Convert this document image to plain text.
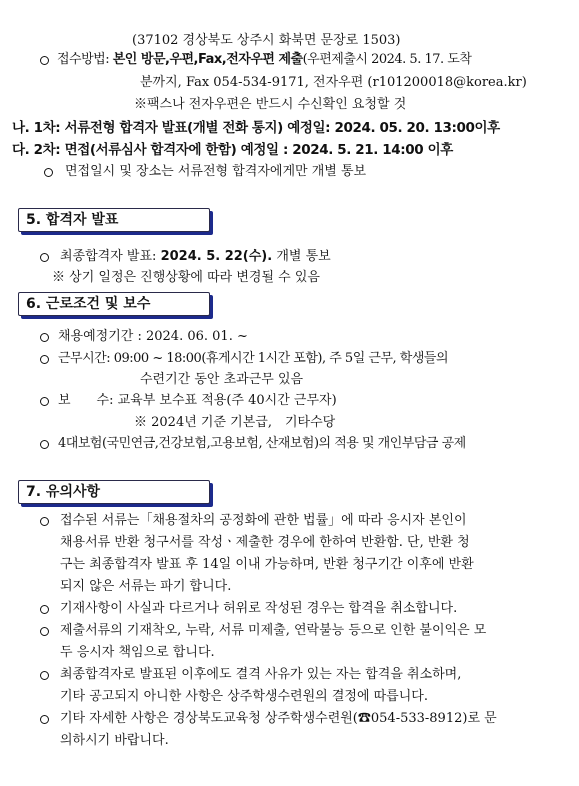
(37102 경상북도 상주시 화북면 문장로 1503)
접수방법: 본인 방문,우편,Fax,전자우편 제출(우편제출시 2024. 5. 17. 도착
분까지, Fax 054-534-9171, 전자우편 (r101200018@korea.kr)
※팩스나 전자우편은 반드시 수신확인 요청할 것
나. 1차: 서류전형 합격자 발표(개별 전화 통지) 예정일: 2024. 05. 20. 13:00이후
다. 2차: 면접(서류심사 합격자에 한함) 예정일 : 2024. 5. 21. 14:00 이후
면접일시 및 장소는 서류전형 합격자에게만 개별 통보
5. 합격자 발표
최종합격자 발표: 2024. 5. 22(수). 개별 통보
※ 상기 일정은 진행상황에 따라 변경될 수 있음
6. 근로조건 및 보수
채용예정기간 : 2024. 06. 01. ~
근무시간: 09:00 ~ 18:00(휴게시간 1시간 포함), 주 5일 근무, 학생들의
수련기간 동안 초과근무 있음
보　　수: 교육부 보수표 적용(주 40시간 근무자)
※ 2024년 기준 기본급,　기타수당
4대보험(국민연금,건강보험,고용보험, 산재보험)의 적용 및 개인부담금 공제
7. 유의사항
접수된 서류는「채용절차의 공정화에 관한 법률」에 따라 응시자 본인이
채용서류 반환 청구서를 작성ㆍ제출한 경우에 한하여 반환함. 단, 반환 청
구는 최종합격자 발표 후 14일 이내 가능하며, 반환 청구기간 이후에 반환
되지 않은 서류는 파기 합니다.
기재사항이 사실과 다르거나 허위로 작성된 경우는 합격을 취소합니다.
제출서류의 기재착오, 누락, 서류 미제출, 연락불능 등으로 인한 불이익은 모
두 응시자 책임으로 합니다.
최종합격자로 발표된 이후에도 결격 사유가 있는 자는 합격을 취소하며,
기타 공고되지 아니한 사항은 상주학생수련원의 결정에 따릅니다.
기타 자세한 사항은 경상북도교육청 상주학생수련원(☎054-533-8912)로 문
의하시기 바랍니다.
